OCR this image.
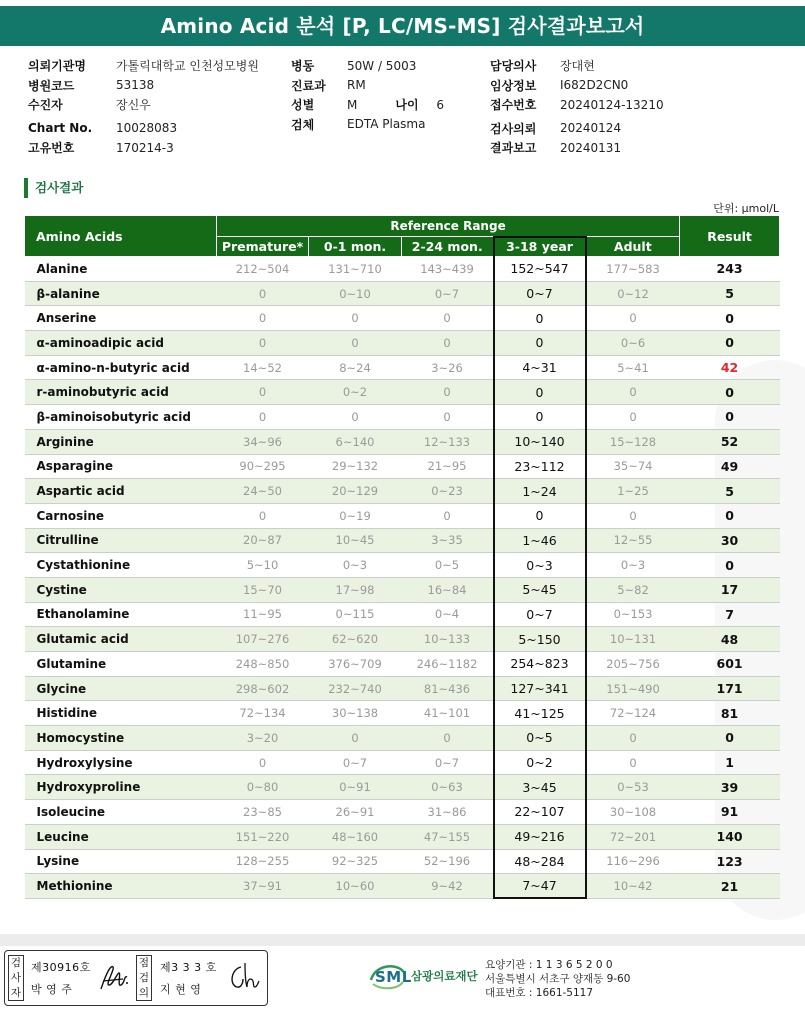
Amino Acid 분석 [P, LC/MS-MS] 검사결과보고서
의뢰기관명	가톨릭대학교 인천성모병원
병원코드	53138
수진자	장신우
Chart No.	10028083
고유번호	170214-3
병동	50W / 5003
진료과	RM
성별	M	나이	6
검체	EDTA Plasma
담당의사	장대현
임상정보	I682D2CN0
접수번호	20240124-13210
검사의뢰	20240124
결과보고	20240131
검사결과
단위: μmol/L
Amino Acids	Reference Range					Result
	Premature*	0-1 mon.	2-24 mon.	3-18 year	Adult	
Alanine	212~504	131~710	143~439	152~547	177~583	243
β-alanine	0	0~10	0~7	0~7	0~12	5
Anserine	0	0	0	0	0	0
α-aminoadipic acid	0	0	0	0	0~6	0
α-amino-n-butyric acid	14~52	8~24	3~26	4~31	5~41	42
r-aminobutyric acid	0	0~2	0	0	0	0
β-aminoisobutyric acid	0	0	0	0	0	0
Arginine	34~96	6~140	12~133	10~140	15~128	52
Asparagine	90~295	29~132	21~95	23~112	35~74	49
Aspartic acid	24~50	20~129	0~23	1~24	1~25	5
Carnosine	0	0~19	0	0	0	0
Citrulline	20~87	10~45	3~35	1~46	12~55	30
Cystathionine	5~10	0~3	0~5	0~3	0~3	0
Cystine	15~70	17~98	16~84	5~45	5~82	17
Ethanolamine	11~95	0~115	0~4	0~7	0~153	7
Glutamic acid	107~276	62~620	10~133	5~150	10~131	48
Glutamine	248~850	376~709	246~1182	254~823	205~756	601
Glycine	298~602	232~740	81~436	127~341	151~490	171
Histidine	72~134	30~138	41~101	41~125	72~124	81
Homocystine	3~20	0	0	0~5	0	0
Hydroxylysine	0	0~7	0~7	0~2	0	1
Hydroxyproline	0~80	0~91	0~63	3~45	0~53	39
Isoleucine	23~85	26~91	31~86	22~107	30~108	91
Leucine	151~220	48~160	47~155	49~216	72~201	140
Lysine	128~255	92~325	52~196	48~284	116~296	123
Methionine	37~91	10~60	9~42	7~47	10~42	21
검사자
제30916호
박 영 주
점검의
제3 3 3 호
지 현 영
SML 삼광의료재단
요양기관 : 1 1 3 6 5 2 0 0
서울특별시 서초구 양재동 9-60
대표번호 : 1661-5117
